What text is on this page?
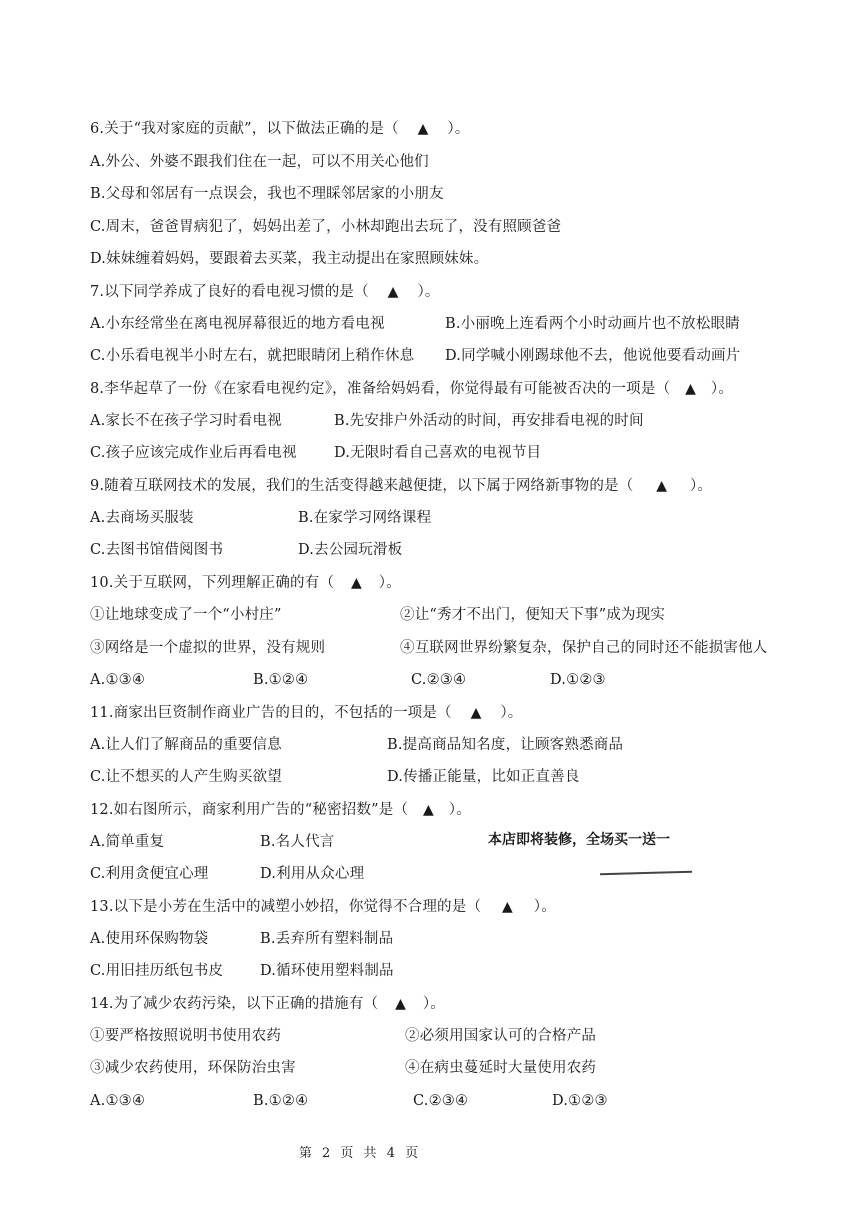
6.关于“我对家庭的贡献”，以下做法正确的是（ ▲ ）。
A.外公、外婆不跟我们住在一起，可以不用关心他们
B.父母和邻居有一点误会，我也不理睬邻居家的小朋友
C.周末，爸爸胃病犯了，妈妈出差了，小林却跑出去玩了，没有照顾爸爸
D.妹妹缠着妈妈，要跟着去买菜，我主动提出在家照顾妹妹。
7.以下同学养成了良好的看电视习惯的是（ ▲ ）。
A.小东经常坐在离电视屏幕很近的地方看电视	B.小丽晚上连看两个小时动画片也不放松眼睛
C.小乐看电视半小时左右，就把眼睛闭上稍作休息 D.同学喊小刚踢球他不去，他说他要看动画片
8.李华起草了一份《在家看电视约定》，准备给妈妈看，你觉得最有可能被否决的一项是（ ▲ ）。
A.家长不在孩子学习时看电视	B.先安排户外活动的时间，再安排看电视的时间
C.孩子应该完成作业后再看电视	D.无限时看自己喜欢的电视节目
9.随着互联网技术的发展，我们的生活变得越来越便捷，以下属于网络新事物的是（ ▲ ）。
A.去商场买服装	B.在家学习网络课程
C.去图书馆借阅图书	D.去公园玩滑板
10.关于互联网，下列理解正确的有（ ▲ ）。
①让地球变成了一个“小村庄”	②让“秀才不出门，便知天下事”成为现实
③网络是一个虚拟的世界，没有规则	④互联网世界纷繁复杂，保护自己的同时还不能损害他人
A.①③④	B.①②④	C.②③④	D.①②③
11.商家出巨资制作商业广告的目的，不包括的一项是（ ▲ ）。
A.让人们了解商品的重要信息	B.提高商品知名度，让顾客熟悉商品
C.让不想买的人产生购买欲望	D.传播正能量，比如正直善良
12.如右图所示，商家利用广告的“秘密招数”是（ ▲ ）。
A.简单重复	B.名人代言
C.利用贪便宜心理	D.利用从众心理
本店即将装修，全场买一送一
13.以下是小芳在生活中的减塑小妙招，你觉得不合理的是（ ▲ ）。
A.使用环保购物袋	B.丢弃所有塑料制品
C.用旧挂历纸包书皮	D.循环使用塑料制品
14.为了减少农药污染，以下正确的措施有（ ▲ ）。
①要严格按照说明书使用农药	②必须用国家认可的合格产品
③减少农药使用，环保防治虫害	④在病虫蔓延时大量使用农药
A.①③④	B.①②④	C.②③④	D.①②③
第 2 页 共 4 页
